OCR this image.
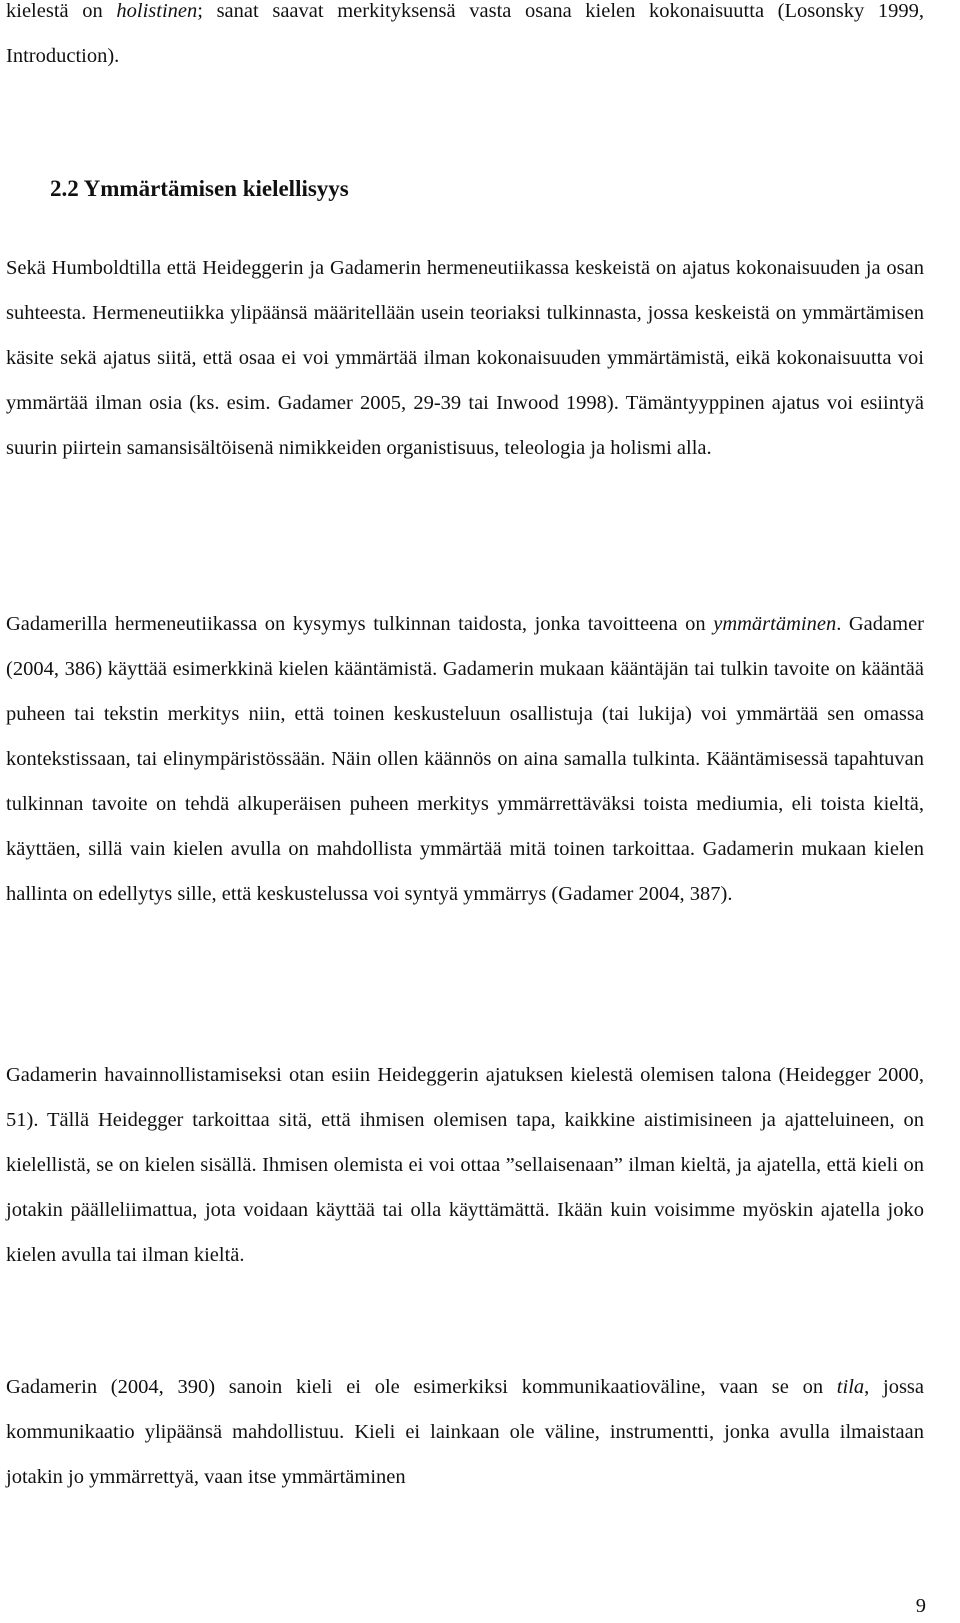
kielestä on holistinen; sanat saavat merkityksensä vasta osana kielen kokonaisuutta (Losonsky 1999, Introduction).

2.2 Ymmärtämisen kielellisyys

Sekä Humboldtilla että Heideggerin ja Gadamerin hermeneutiikassa keskeistä on ajatus kokonaisuuden ja osan suhteesta. Hermeneutiikka ylipäänsä määritellään usein teoriaksi tulkinnasta, jossa keskeistä on ymmärtämisen käsite sekä ajatus siitä, että osaa ei voi ymmärtää ilman kokonaisuuden ymmärtämistä, eikä kokonaisuutta voi ymmärtää ilman osia (ks. esim. Gadamer 2005, 29-39 tai Inwood 1998). Tämäntyyppinen ajatus voi esiintyä suurin piirtein samansisältöisenä nimikkeiden organistisuus, teleologia ja holismi alla.

Gadamerilla hermeneutiikassa on kysymys tulkinnan taidosta, jonka tavoitteena on ymmärtäminen. Gadamer (2004, 386) käyttää esimerkkinä kielen kääntämistä. Gadamerin mukaan kääntäjän tai tulkin tavoite on kääntää puheen tai tekstin merkitys niin, että toinen keskusteluun osallistuja (tai lukija) voi ymmärtää sen omassa kontekstissaan, tai elinympäristössään. Näin ollen käännös on aina samalla tulkinta. Kääntämisessä tapahtuvan tulkinnan tavoite on tehdä alkuperäisen puheen merkitys ymmärrettäväksi toista mediumia, eli toista kieltä, käyttäen, sillä vain kielen avulla on mahdollista ymmärtää mitä toinen tarkoittaa. Gadamerin mukaan kielen hallinta on edellytys sille, että keskustelussa voi syntyä ymmärrys (Gadamer 2004, 387).

Gadamerin havainnollistamiseksi otan esiin Heideggerin ajatuksen kielestä olemisen talona (Heidegger 2000, 51). Tällä Heidegger tarkoittaa sitä, että ihmisen olemisen tapa, kaikkine aistimisineen ja ajatteluineen, on kielellistä, se on kielen sisällä. Ihmisen olemista ei voi ottaa ”sellaisenaan” ilman kieltä, ja ajatella, että kieli on jotakin päälleliimattua, jota voidaan käyttää tai olla käyttämättä. Ikään kuin voisimme myöskin ajatella joko kielen avulla tai ilman kieltä.

Gadamerin (2004, 390) sanoin kieli ei ole esimerkiksi kommunikaatioväline, vaan se on tila, jossa kommunikaatio ylipäänsä mahdollistuu. Kieli ei lainkaan ole väline, instrumentti, jonka avulla ilmaistaan jotakin jo ymmärrettyä, vaan itse ymmärtäminen

9
